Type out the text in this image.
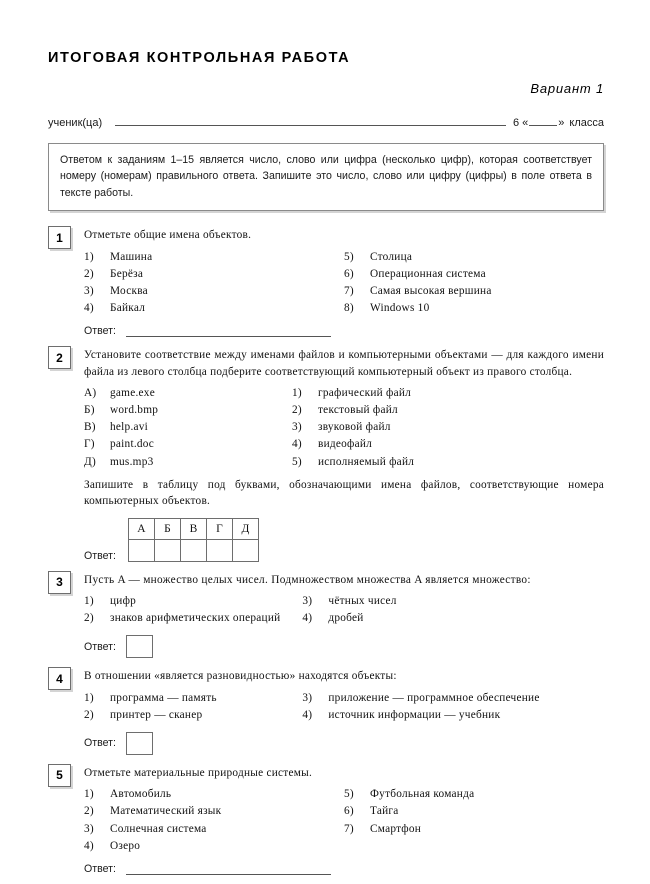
ИТОГОВАЯ КОНТРОЛЬНАЯ РАБОТА
Вариант 1
ученик(ца)	6 «	» класса

Ответом к заданиям 1–15 является число, слово или цифра (несколько цифр), которая соответствует номеру (номерам) правильного ответа. Запишите это число, слово или цифру (цифры) в поле ответа в тексте работы.

1	Отметьте общие имена объектов.

1)	Машина
2)	Берёза
3)	Москва
4)	Байкал
5)	Столица
6)	Операционная система
7)	Самая высокая вершина
8)	Windows 10
Ответ:
2	Установите соответствие между именами файлов и компьютерными объектами — для каждого имени файла из левого столбца подберите соответствующий компьютерный объект из правого столбца.

А)	game.exe
Б)	word.bmp
В)	help.avi
Г)	paint.doc
Д)	mus.mp3
1)	графический файл
2)	текстовый файл
3)	звуковой файл
4)	видеофайл
5)	исполняемый файл

Запишите в таблицу под буквами, обозначающими имена файлов, соответствующие номера компьютерных объектов.

Ответ:
А	Б	В	Г	Д

3	Пусть A — множество целых чисел. Подмножеством множества A является множество:

1)	цифр
2)	знаков арифметических операций
3)	чётных чисел
4)	дробей
Ответ:
4	В отношении «является разновидностью» находятся объекты:

1)	программа — память
2)	принтер — сканер
3)	приложение — программное обеспечение
4)	источник информации — учебник
Ответ:
5	Отметьте материальные природные системы.

1)	Автомобиль
2)	Математический язык
3)	Солнечная система
4)	Озеро
5)	Футбольная команда
6)	Тайга
7)	Смартфон
Ответ:
